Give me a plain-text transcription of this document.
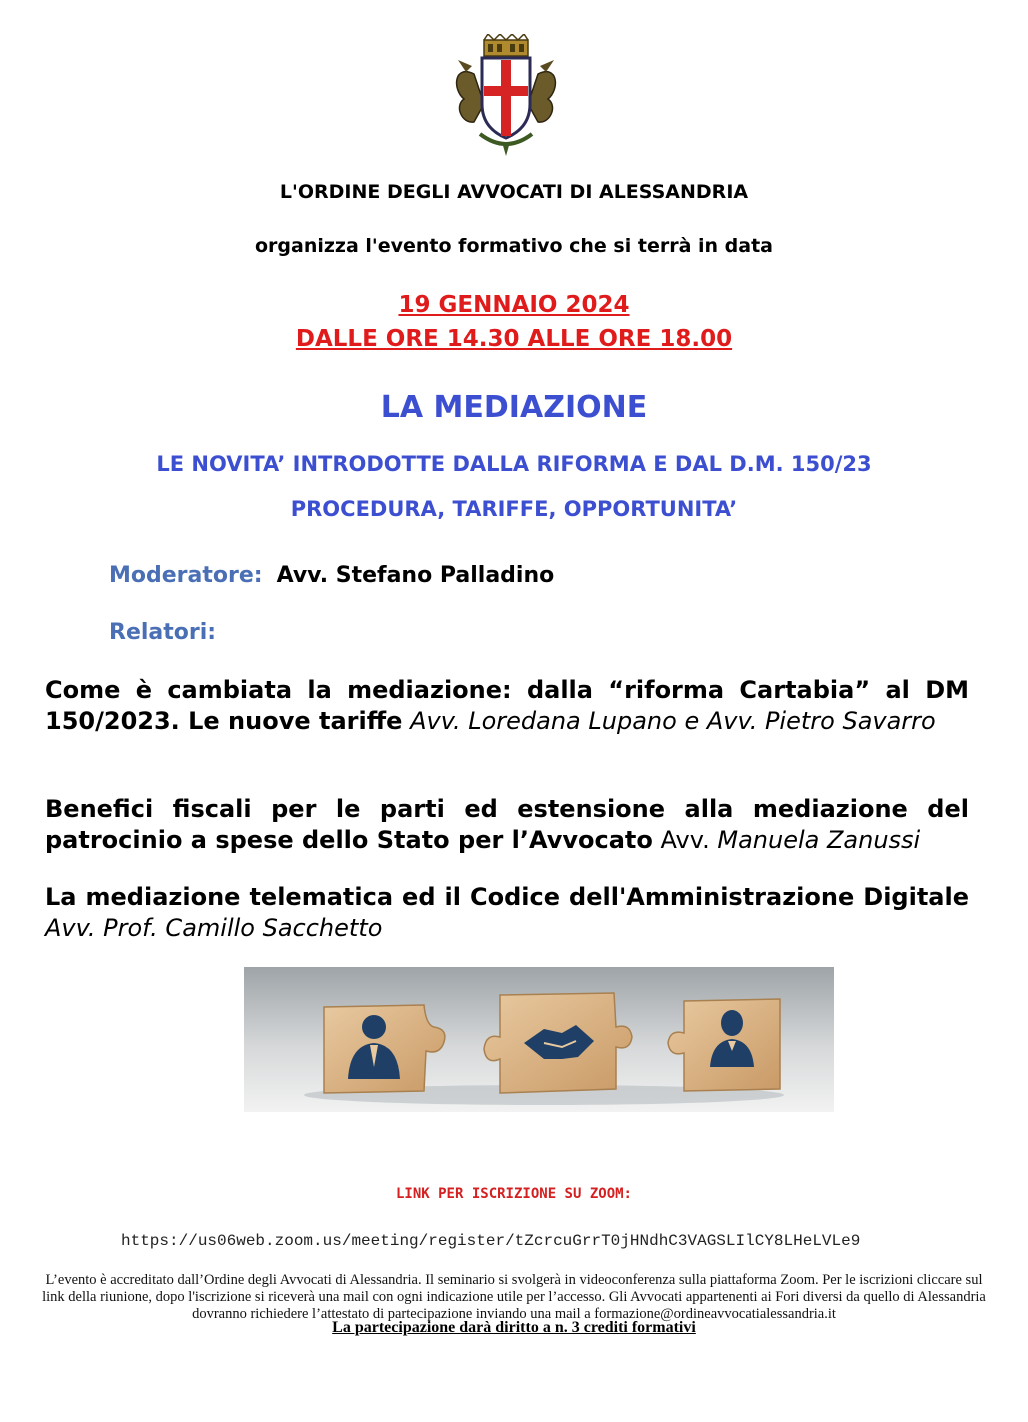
L'ORDINE DEGLI AVVOCATI DI ALESSANDRIA
organizza l'evento formativo che si terrà in data
19 GENNAIO 2024
DALLE ORE 14.30 ALLE ORE 18.00
LA MEDIAZIONE
LE NOVITA’ INTRODOTTE DALLA RIFORMA E DAL D.M. 150/23
PROCEDURA, TARIFFE, OPPORTUNITA’
Moderatore: Avv. Stefano Palladino
Relatori:
Come è cambiata la mediazione: dalla “riforma Cartabia” al DM 150/2023. Le nuove tariffe Avv. Loredana Lupano e Avv. Pietro Savarro
Benefici fiscali per le parti ed estensione alla mediazione del patrocinio a spese dello Stato per l’Avvocato Avv. Manuela Zanussi
La mediazione telematica ed il Codice dell'Amministrazione Digitale Avv. Prof. Camillo Sacchetto
LINK PER ISCRIZIONE SU ZOOM:
https://us06web.zoom.us/meeting/register/tZcrcuGrrT0jHNdhC3VAGSLIlCY8LHeLVLe9
L’evento è accreditato dall’Ordine degli Avvocati di Alessandria. Il seminario si svolgerà in videoconferenza sulla piattaforma Zoom. Per le iscrizioni cliccare sul link della riunione, dopo l'iscrizione si riceverà una mail con ogni indicazione utile per l’accesso. Gli Avvocati appartenenti ai Fori diversi da quello di Alessandria dovranno richiedere l’attestato di partecipazione inviando una mail a formazione@ordineavvocatialessandria.it
La partecipazione darà diritto a n. 3 crediti formativi
